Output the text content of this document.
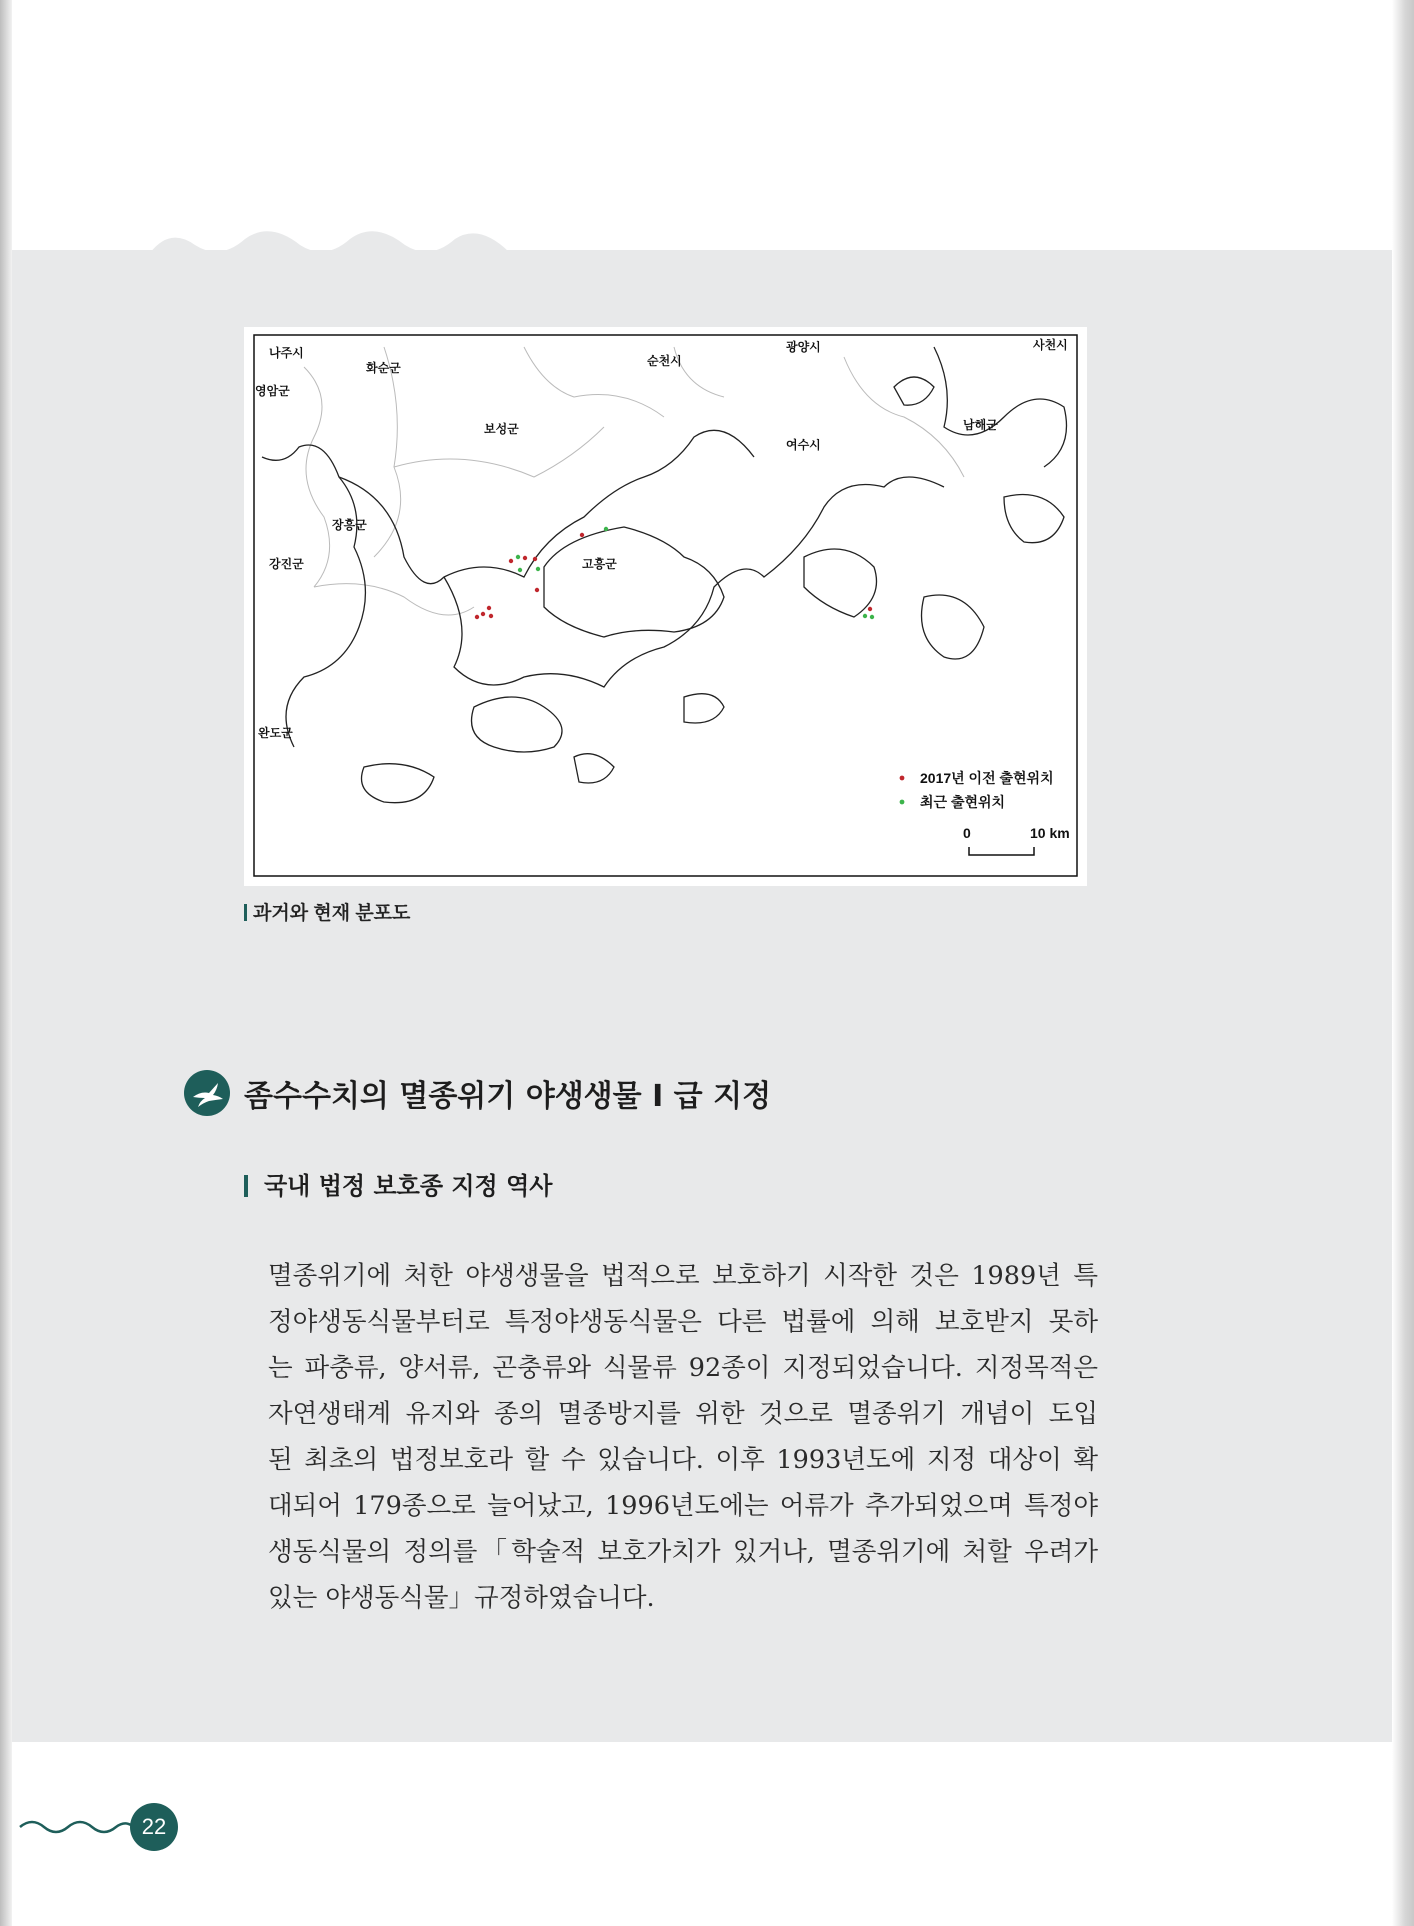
나주시
화순군	순천시
광양시	사천시
영암군
보성군	남해군
여수시
장흥군
강진군	고흥군
완도군
2017년 이전 출현위치
최근 출현위치
0	10 km
과거와 현재 분포도
좀수수치의 멸종위기 야생생물 I 급 지정
국내 법정 보호종 지정 역사
멸종위기에 처한 야생생물을 법적으로 보호하기 시작한 것은 1989년 특
정야생동식물부터로 특정야생동식물은 다른 법률에 의해 보호받지 못하
는 파충류, 양서류, 곤충류와 식물류 92종이 지정되었습니다. 지정목적은
자연생태계 유지와 종의 멸종방지를 위한 것으로 멸종위기 개념이 도입
된 최초의 법정보호라 할 수 있습니다. 이후 1993년도에 지정 대상이 확
대되어 179종으로 늘어났고, 1996년도에는 어류가 추가되었으며 특정야
생동식물의 정의를「학술적 보호가치가 있거나, 멸종위기에 처할 우려가
있는 야생동식물」규정하였습니다.
22
